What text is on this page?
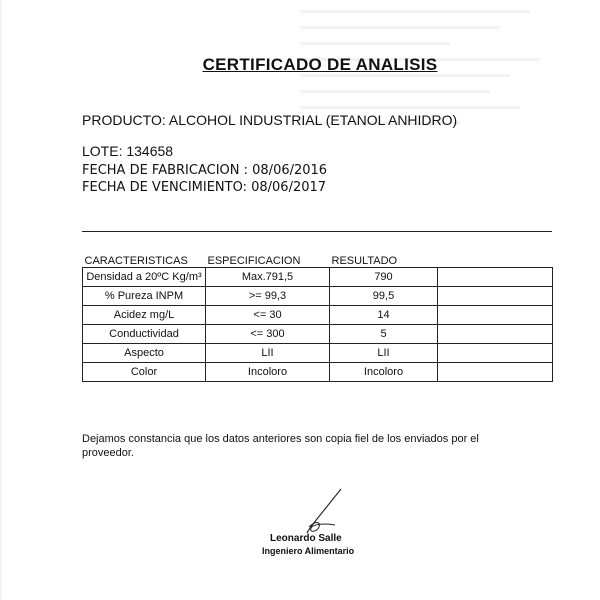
CERTIFICADO DE ANALISIS
PRODUCTO: ALCOHOL INDUSTRIAL (ETANOL ANHIDRO)
LOTE: 134658
FECHA DE FABRICACION : 08/06/2016
FECHA DE VENCIMIENTO: 08/06/2017
CARACTERISTICAS	ESPECIFICACION	RESULTADO	
Densidad a 20ºC Kg/m³	Max.791,5	790	
% Pureza INPM	>= 99,3	99,5	
Acidez mg/L	<= 30	14	
Conductividad	<= 300	5	
Aspecto	LII	LII	
Color	Incoloro	Incoloro	
Dejamos constancia que los datos anteriores son copia fiel de los enviados por el proveedor.
Leonardo Salle
Ingeniero Alimentario
